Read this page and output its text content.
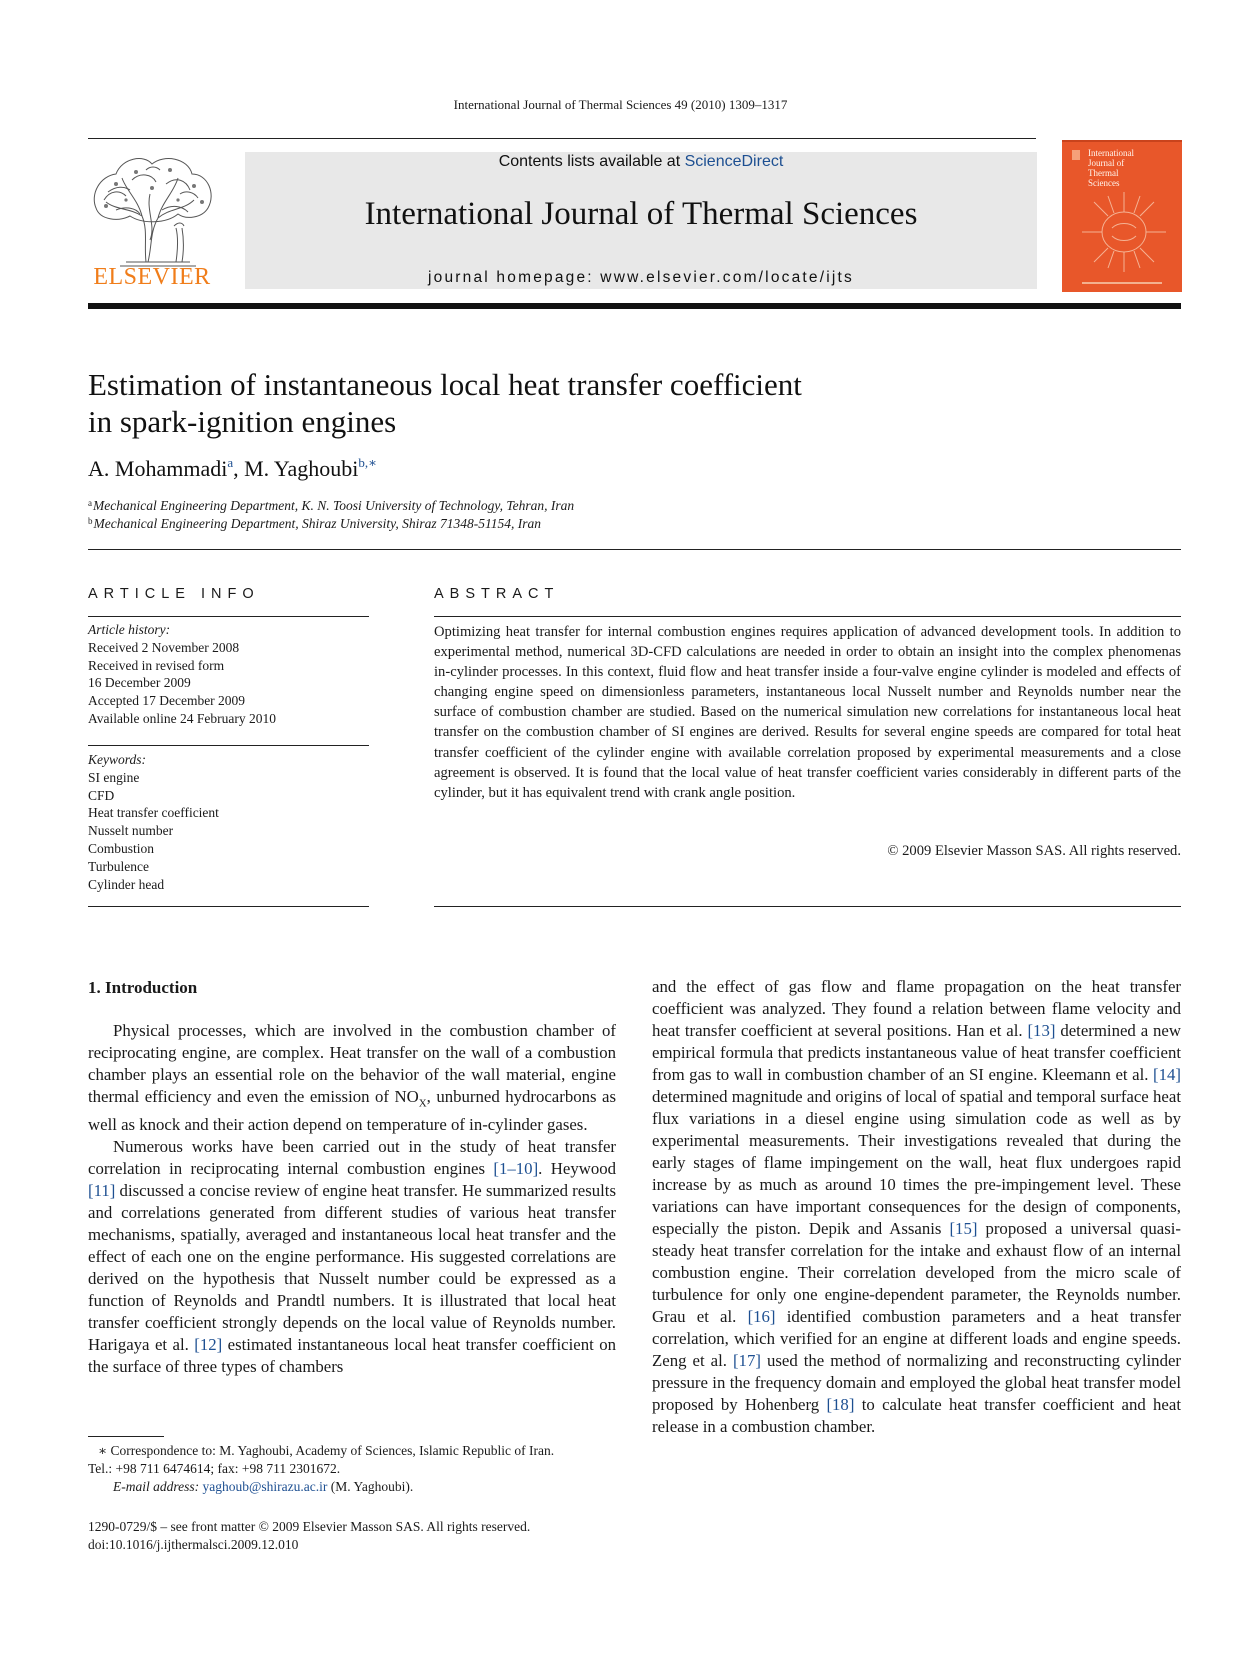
International Journal of Thermal Sciences 49 (2010) 1309–1317
ELSEVIER
Contents lists available at ScienceDirect
International Journal of Thermal Sciences
journal homepage: www.elsevier.com/locate/ijts
International
Journal of
Thermal
Sciences
Estimation of instantaneous local heat transfer coefficient
in spark-ignition engines
A. Mohammadi$^a$, M. Yaghoubi$^{b,∗}$
$^a$Mechanical Engineering Department, K. N. Toosi University of Technology, Tehran, Iran
$^b$Mechanical Engineering Department, Shiraz University, Shiraz 71348-51154, Iran
ARTICLE INFO
Article history:
Received 2 November 2008
Received in revised form
16 December 2009
Accepted 17 December 2009
Available online 24 February 2010
Keywords:
SI engine
CFD
Heat transfer coefficient
Nusselt number
Combustion
Turbulence
Cylinder head
ABSTRACT
Optimizing heat transfer for internal combustion engines requires application of advanced development tools. In addition to experimental method, numerical 3D-CFD calculations are needed in order to obtain an insight into the complex phenomenas in-cylinder processes. In this context, fluid flow and heat transfer inside a four-valve engine cylinder is modeled and effects of changing engine speed on dimensionless parameters, instantaneous local Nusselt number and Reynolds number near the surface of combustion chamber are studied. Based on the numerical simulation new correlations for instantaneous local heat transfer on the combustion chamber of SI engines are derived. Results for several engine speeds are compared for total heat transfer coefficient of the cylinder engine with available correlation proposed by experimental measurements and a close agreement is observed. It is found that the local value of heat transfer coefficient varies considerably in different parts of the cylinder, but it has equivalent trend with crank angle position.
© 2009 Elsevier Masson SAS. All rights reserved.
1. Introduction

Physical processes, which are involved in the combustion chamber of reciprocating engine, are complex. Heat transfer on the wall of a combustion chamber plays an essential role on the behavior of the wall material, engine thermal efficiency and even the emission of $NO_X$, unburned hydrocarbons as well as knock and their action depend on temperature of in-cylinder gases.

Numerous works have been carried out in the study of heat transfer correlation in reciprocating internal combustion engines [1–10]. Heywood [11] discussed a concise review of engine heat transfer. He summarized results and correlations generated from different studies of various heat transfer mechanisms, spatially, averaged and instantaneous local heat transfer and the effect of each one on the engine performance. His suggested correlations are derived on the hypothesis that Nusselt number could be expressed as a function of Reynolds and Prandtl numbers. It is illustrated that local heat transfer coefficient strongly depends on the local value of Reynolds number. Harigaya et al. [12] estimated instantaneous local heat transfer coefficient on the surface of three types of chambers

and the effect of gas flow and flame propagation on the heat transfer coefficient was analyzed. They found a relation between flame velocity and heat transfer coefficient at several positions. Han et al. [13] determined a new empirical formula that predicts instantaneous value of heat transfer coefficient from gas to wall in combustion chamber of an SI engine. Kleemann et al. [14] determined magnitude and origins of local of spatial and temporal surface heat flux variations in a diesel engine using simulation code as well as by experimental measurements. Their investigations revealed that during the early stages of flame impingement on the wall, heat flux undergoes rapid increase by as much as around 10 times the pre-impingement level. These variations can have important consequences for the design of components, especially the piston. Depik and Assanis [15] proposed a universal quasi-steady heat transfer correlation for the intake and exhaust flow of an internal combustion engine. Their correlation developed from the micro scale of turbulence for only one engine-dependent parameter, the Reynolds number. Grau et al. [16] identified combustion parameters and a heat transfer correlation, which verified for an engine at different loads and engine speeds. Zeng et al. [17] used the method of normalizing and reconstructing cylinder pressure in the frequency domain and employed the global heat transfer model proposed by Hohenberg [18] to calculate heat transfer coefficient and heat release in a combustion chamber.

∗ Correspondence to: M. Yaghoubi, Academy of Sciences, Islamic Republic of Iran.
Tel.: +98 711 6474614; fax: +98 711 2301672.
E-mail address: yaghoub@shirazu.ac.ir (M. Yaghoubi).
1290-0729/$ – see front matter © 2009 Elsevier Masson SAS. All rights reserved.
doi:10.1016/j.ijthermalsci.2009.12.010
